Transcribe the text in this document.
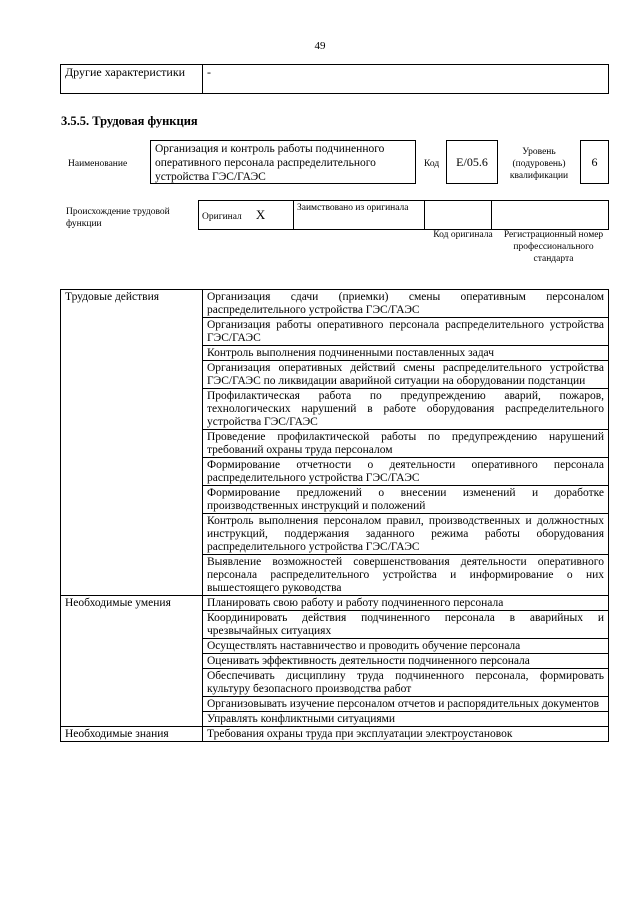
49
Другие характеристики	-
3.5.5. Трудовая функция
Наименование
Организация и контроль работы подчиненного оперативного персонала распределительного устройства ГЭС/ГАЭС
Код	E/05.6
Уровень (подуровень) квалификации
6
Происхождение трудовой функции
Оригинал X	Заимствовано из оригинала		
Код оригинала	Регистрационный номер профессионального стандарта
Трудовые действия	Организация сдачи (приемки) смены оперативным персоналом распределительного устройства ГЭС/ГАЭС
	Организация работы оперативного персонала распределительного устройства ГЭС/ГАЭС
	Контроль выполнения подчиненными поставленных задач
	Организация оперативных действий смены распределительного устройства ГЭС/ГАЭС по ликвидации аварийной ситуации на оборудовании подстанции
	Профилактическая работа по предупреждению аварий, пожаров, технологических нарушений в работе оборудования распределительного устройства ГЭС/ГАЭС
	Проведение профилактической работы по предупреждению нарушений требований охраны труда персоналом
	Формирование отчетности о деятельности оперативного персонала распределительного устройства ГЭС/ГАЭС
	Формирование предложений о внесении изменений и доработке производственных инструкций и положений
	Контроль выполнения персоналом правил, производственных и должностных инструкций, поддержания заданного режима работы оборудования распределительного устройства ГЭС/ГАЭС
	Выявление возможностей совершенствования деятельности оперативного персонала распределительного устройства и информирование о них вышестоящего руководства
Необходимые умения	Планировать свою работу и работу подчиненного персонала
	Координировать действия подчиненного персонала в аварийных и чрезвычайных ситуациях
	Осуществлять наставничество и проводить обучение персонала
	Оценивать эффективность деятельности подчиненного персонала
	Обеспечивать дисциплину труда подчиненного персонала, формировать культуру безопасного производства работ
	Организовывать изучение персоналом отчетов и распорядительных документов
	Управлять конфликтными ситуациями
Необходимые знания	Требования охраны труда при эксплуатации электроустановок
